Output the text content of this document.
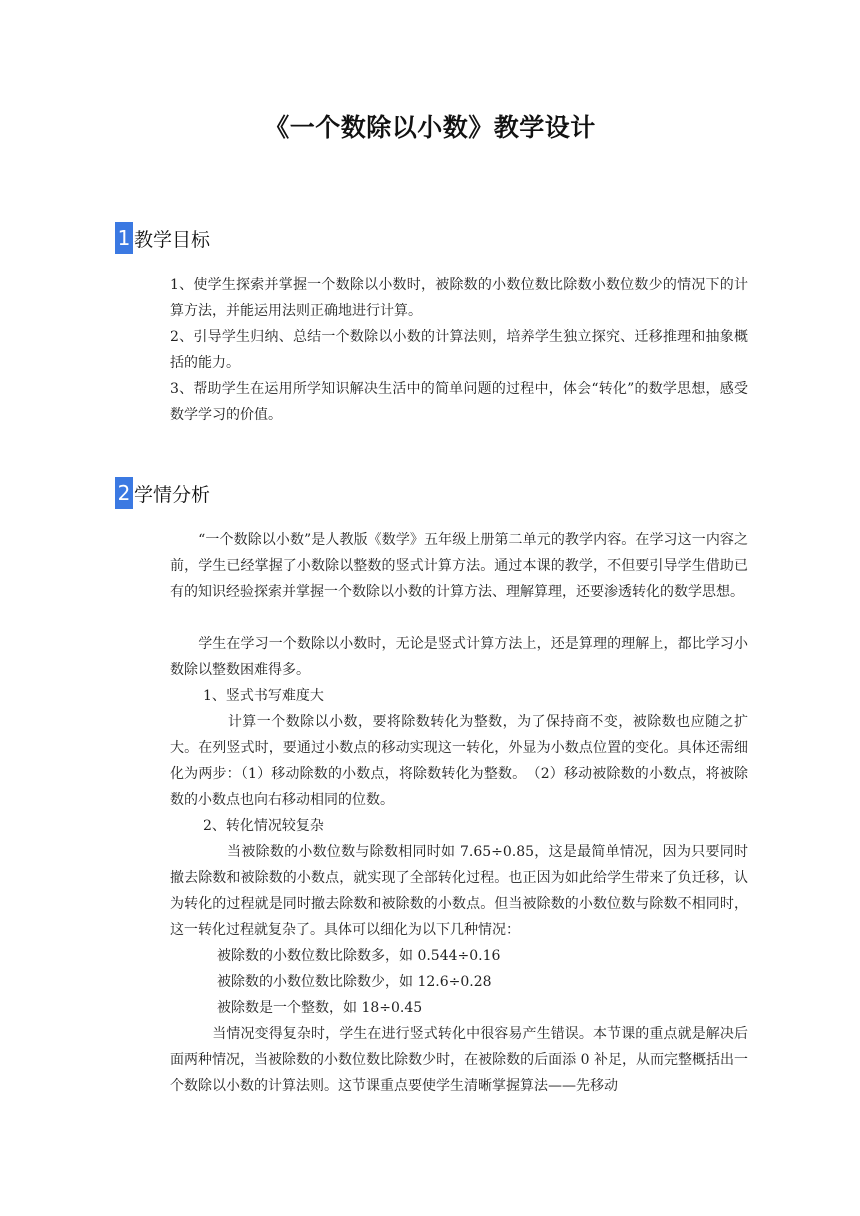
《一个数除以小数》教学设计
1 教学目标

1、使学生探索并掌握一个数除以小数时，被除数的小数位数比除数小数位数少的情况下的计算方法，并能运用法则正确地进行计算。

2、引导学生归纳、总结一个数除以小数的计算法则，培养学生独立探究、迁移推理和抽象概括的能力。

3、帮助学生在运用所学知识解决生活中的简单问题的过程中，体会“转化”的数学思想，感受数学学习的价值。

2 学情分析

　　“一个数除以小数”是人教版《数学》五年级上册第二单元的教学内容。在学习这一内容之前，学生已经掌握了小数除以整数的竖式计算方法。通过本课的教学，不但要引导学生借助已有的知识经验探索并掌握一个数除以小数的计算方法、理解算理，还要渗透转化的数学思想。

　　学生在学习一个数除以小数时，无论是竖式计算方法上，还是算理的理解上，都比学习小数除以整数困难得多。

1、竖式书写难度大

　　　　计算一个数除以小数，要将除数转化为整数，为了保持商不变，被除数也应随之扩大。在列竖式时，要通过小数点的移动实现这一转化，外显为小数点位置的变化。具体还需细化为两步：（1）移动除数的小数点，将除数转化为整数。　（2）移动被除数的小数点，将被除数的小数点也向右移动相同的位数。

2、转化情况较复杂

　　　　当被除数的小数位数与除数相同时如 7.65÷0.85，这是最简单情况，因为只要同时撤去除数和被除数的小数点，就实现了全部转化过程。也正因为如此给学生带来了负迁移，认为转化的过程就是同时撤去除数和被除数的小数点。但当被除数的小数位数与除数不相同时，这一转化过程就复杂了。具体可以细化为以下几种情况：

被除数的小数位数比除数多，如 0.544÷0.16

被除数的小数位数比除数少，如 12.6÷0.28

被除数是一个整数，如 18÷0.45

　　　当情况变得复杂时，学生在进行竖式转化中很容易产生错误。本节课的重点就是解决后面两种情况，当被除数的小数位数比除数少时，在被除数的后面添 0 补足，从而完整概括出一个数除以小数的计算法则。这节课重点要使学生清晰掌握算法——先移动
